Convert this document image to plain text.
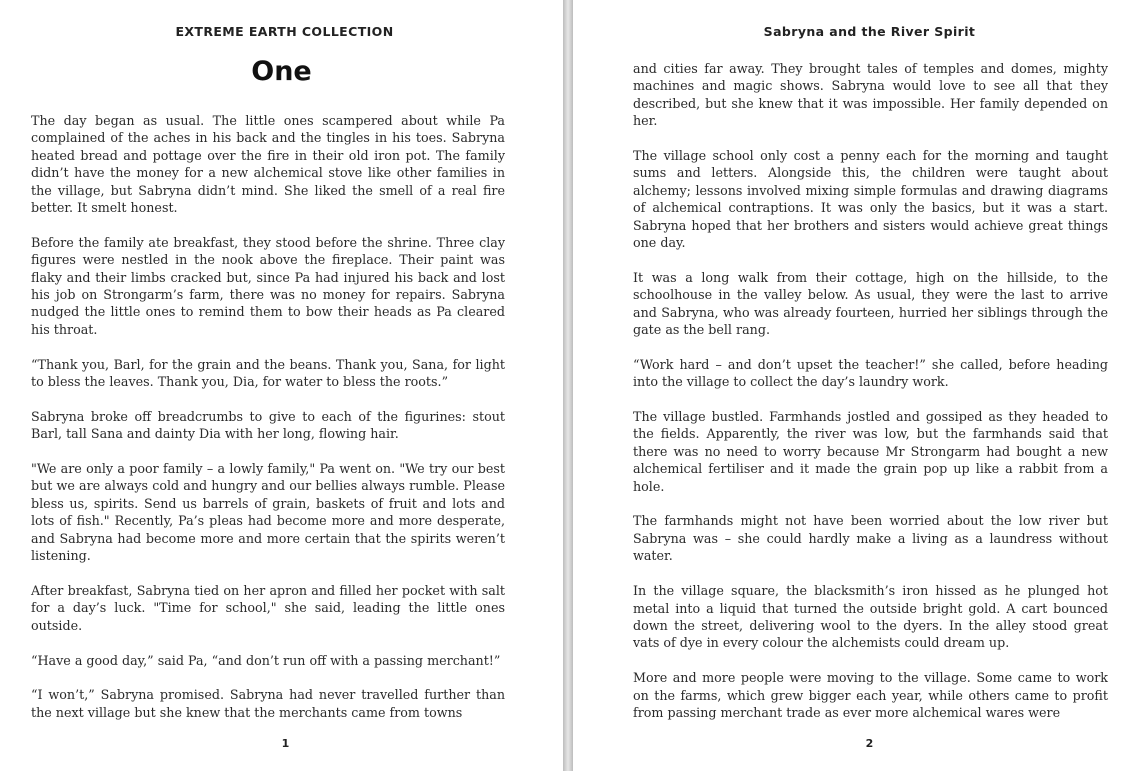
EXTREME EARTH COLLECTION
One

The day began as usual. The little ones scampered about while Pa complained of the aches in his back and the tingles in his toes. Sabryna heated bread and pottage over the fire in their old iron pot. The family didn’t have the money for a new alchemical stove like other families in the village, but Sabryna didn’t mind. She liked the smell of a real fire better. It smelt honest.

Before the family ate breakfast, they stood before the shrine. Three clay figures were nestled in the nook above the fireplace. Their paint was flaky and their limbs cracked but, since Pa had injured his back and lost his job on Strongarm’s farm, there was no money for repairs. Sabryna nudged the little ones to remind them to bow their heads as Pa cleared his throat.

“Thank you, Barl, for the grain and the beans. Thank you, Sana, for light to bless the leaves. Thank you, Dia, for water to bless the roots.”

Sabryna broke off breadcrumbs to give to each of the figurines: stout Barl, tall Sana and dainty Dia with her long, flowing hair.

"We are only a poor family – a lowly family," Pa went on. "We try our best but we are always cold and hungry and our bellies always rumble. Please bless us, spirits. Send us barrels of grain, baskets of fruit and lots and lots of fish." Recently, Pa’s pleas had become more and more desperate, and Sabryna had become more and more certain that the spirits weren’t listening.

After breakfast, Sabryna tied on her apron and filled her pocket with salt for a day’s luck. "Time for school," she said, leading the little ones outside.

“Have a good day,” said Pa, “and don’t run off with a passing merchant!”

“I won’t,” Sabryna promised. Sabryna had never travelled further than the next village but she knew that the merchants came from towns

1
Sabryna and the River Spirit

and cities far away. They brought tales of temples and domes, mighty machines and magic shows. Sabryna would love to see all that they described, but she knew that it was impossible. Her family depended on her.

The village school only cost a penny each for the morning and taught sums and letters. Alongside this, the children were taught about alchemy; lessons involved mixing simple formulas and drawing diagrams of alchemical contraptions. It was only the basics, but it was a start. Sabryna hoped that her brothers and sisters would achieve great things one day.

It was a long walk from their cottage, high on the hillside, to the schoolhouse in the valley below. As usual, they were the last to arrive and Sabryna, who was already fourteen, hurried her siblings through the gate as the bell rang.

“Work hard – and don’t upset the teacher!” she called, before heading into the village to collect the day’s laundry work.

The village bustled. Farmhands jostled and gossiped as they headed to the fields. Apparently, the river was low, but the farmhands said that there was no need to worry because Mr Strongarm had bought a new alchemical fertiliser and it made the grain pop up like a rabbit from a hole.

The farmhands might not have been worried about the low river but Sabryna was – she could hardly make a living as a laundress without water.

In the village square, the blacksmith’s iron hissed as he plunged hot metal into a liquid that turned the outside bright gold. A cart bounced down the street, delivering wool to the dyers. In the alley stood great vats of dye in every colour the alchemists could dream up.

More and more people were moving to the village. Some came to work on the farms, which grew bigger each year, while others came to profit from passing merchant trade as ever more alchemical wares were

2
